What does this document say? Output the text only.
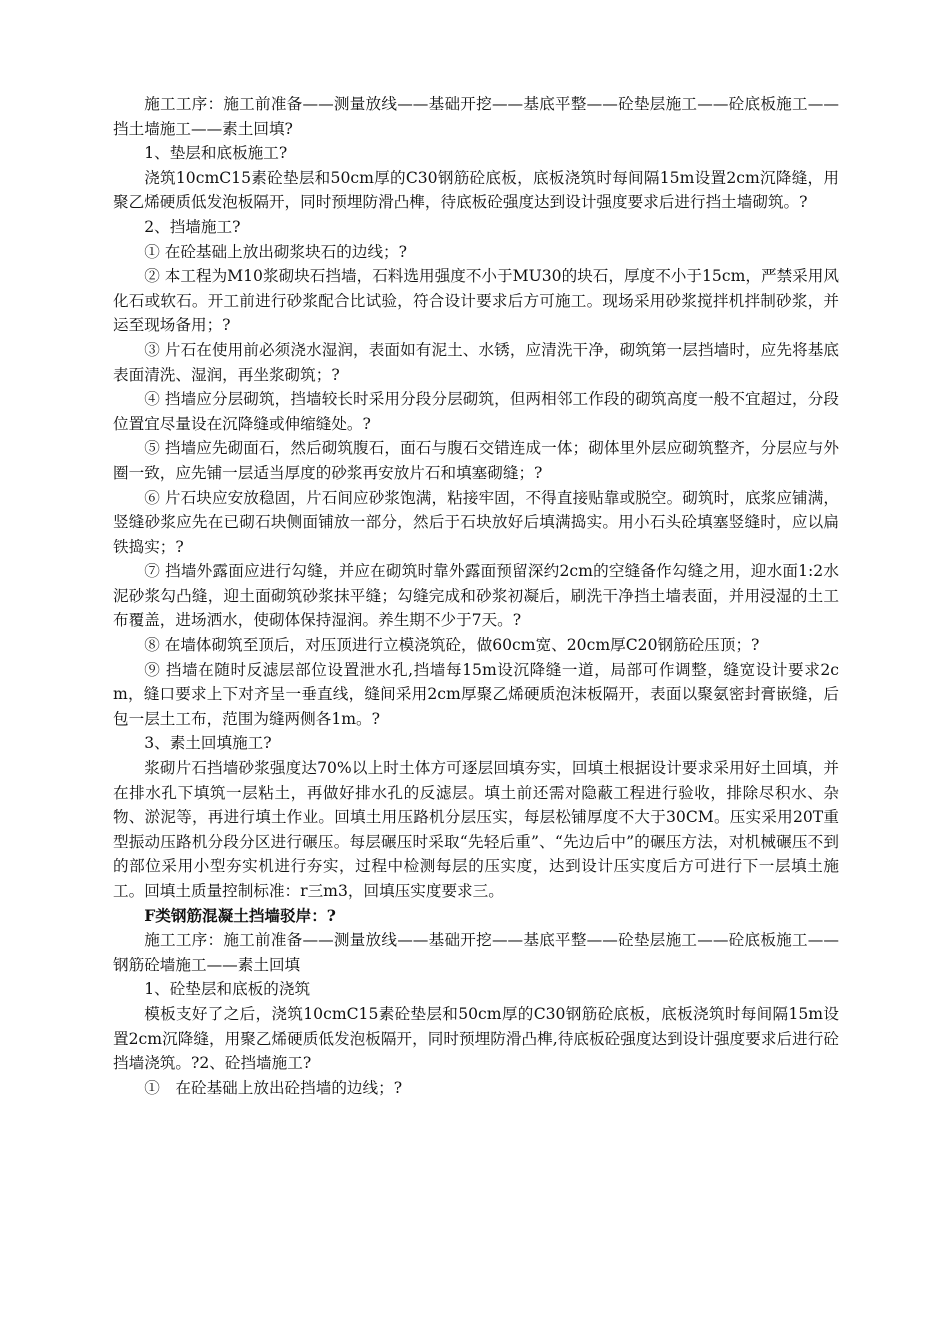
施工工序：施工前准备——测量放线——基础开挖——基底平整——砼垫层施工——砼底板施工——挡土墙施工——素土回填?

1、垫层和底板施工?

浇筑10cmC15素砼垫层和50cm厚的C30钢筋砼底板，底板浇筑时每间隔15m设置2cm沉降缝，用聚乙烯硬质低发泡板隔开，同时预埋防滑凸榫，待底板砼强度达到设计强度要求后进行挡土墙砌筑。?

2、挡墙施工?

① 在砼基础上放出砌浆块石的边线；?

② 本工程为M10浆砌块石挡墙，石料选用强度不小于MU30的块石，厚度不小于15cm，严禁采用风化石或软石。开工前进行砂浆配合比试验，符合设计要求后方可施工。现场采用砂浆搅拌机拌制砂浆，并运至现场备用；?

③ 片石在使用前必须浇水湿润，表面如有泥土、水锈，应清洗干净，砌筑第一层挡墙时，应先将基底表面清洗、湿润，再坐浆砌筑；?

④ 挡墙应分层砌筑，挡墙较长时采用分段分层砌筑，但两相邻工作段的砌筑高度一般不宜超过，分段位置宜尽量设在沉降缝或伸缩缝处。?

⑤ 挡墙应先砌面石，然后砌筑腹石，面石与腹石交错连成一体；砌体里外层应砌筑整齐，分层应与外圈一致，应先铺一层适当厚度的砂浆再安放片石和填塞砌缝；?

⑥ 片石块应安放稳固，片石间应砂浆饱满，粘接牢固，不得直接贴靠或脱空。砌筑时，底浆应铺满，竖缝砂浆应先在已砌石块侧面铺放一部分，然后于石块放好后填满捣实。用小石头砼填塞竖缝时，应以扁铁捣实；?

⑦ 挡墙外露面应进行勾缝，并应在砌筑时靠外露面预留深约2cm的空缝备作勾缝之用，迎水面1:2水泥砂浆勾凸缝，迎土面砌筑砂浆抹平缝；勾缝完成和砂浆初凝后，刷洗干净挡土墙表面，并用浸湿的土工布覆盖，进场洒水，使砌体保持湿润。养生期不少于7天。?

⑧ 在墙体砌筑至顶后，对压顶进行立模浇筑砼，做60cm宽、20cm厚C20钢筋砼压顶；?

⑨ 挡墙在随时反滤层部位设置泄水孔,挡墙每15m设沉降缝一道，局部可作调整，缝宽设计要求2cm，缝口要求上下对齐呈一垂直线，缝间采用2cm厚聚乙烯硬质泡沫板隔开，表面以聚氨密封膏嵌缝，后包一层土工布，范围为缝两侧各1m。?

3、素土回填施工?

浆砌片石挡墙砂浆强度达70%以上时土体方可逐层回填夯实，回填土根据设计要求采用好土回填，并在排水孔下填筑一层粘土，再做好排水孔的反滤层。填土前还需对隐蔽工程进行验收，排除尽积水、杂物、淤泥等，再进行填土作业。回填土用压路机分层压实，每层松铺厚度不大于30CM。压实采用20T重型振动压路机分段分区进行碾压。每层碾压时采取“先轻后重”、“先边后中”的碾压方法，对机械碾压不到的部位采用小型夯实机进行夯实，过程中检测每层的压实度，达到设计压实度后方可进行下一层填土施工。回填土质量控制标准：r三m3，回填压实度要求三。

F类钢筋混凝土挡墙驳岸：?

施工工序：施工前准备——测量放线——基础开挖——基底平整——砼垫层施工——砼底板施工——钢筋砼墙施工——素土回填

1、砼垫层和底板的浇筑

模板支好了之后，浇筑10cmC15素砼垫层和50cm厚的C30钢筋砼底板，底板浇筑时每间隔15m设置2cm沉降缝，用聚乙烯硬质低发泡板隔开，同时预埋防滑凸榫,待底板砼强度达到设计强度要求后进行砼挡墙浇筑。?2、砼挡墙施工?

①　在砼基础上放出砼挡墙的边线；?
